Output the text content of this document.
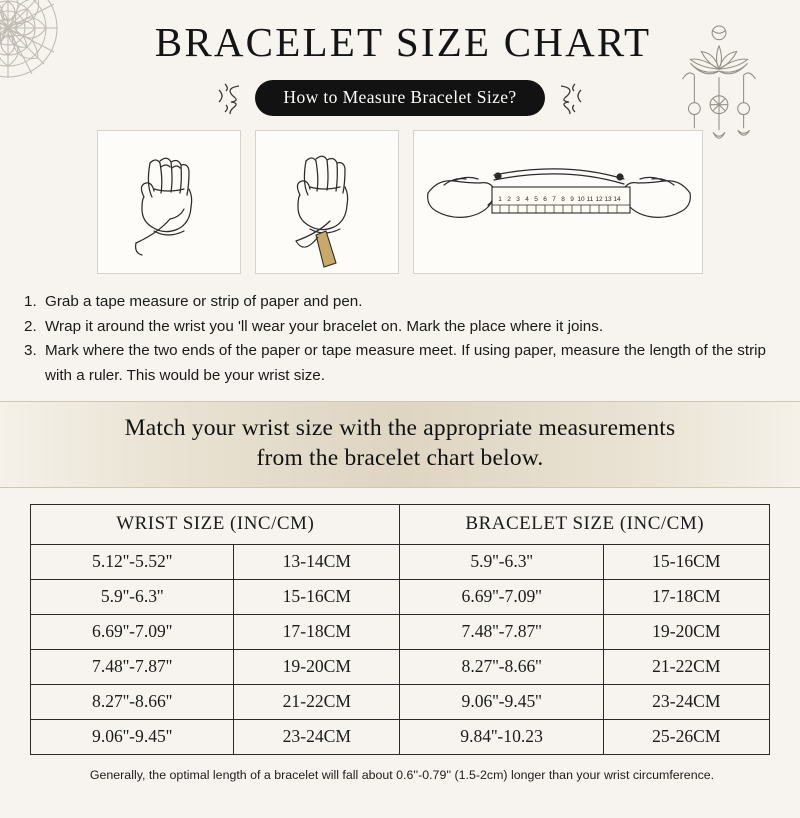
BRACELET SIZE CHART
How to Measure Bracelet Size?
1 2 3 4 5 6 7 8 9 10 11 12 13 14
1. Grab a tape measure or strip of paper and pen.
2. Wrap it around the wrist you 'll wear your bracelet on. Mark the place where it joins.
3. Mark where the two ends of the paper or tape measure meet. If using paper, measure the length of the strip with a ruler. This would be your wrist size.
Match your wrist size with the appropriate measurements
from the bracelet chart below.
WRIST SIZE (INC/CM)		BRACELET SIZE (INC/CM)	
5.12''-5.52''	13-14CM	5.9''-6.3''	15-16CM
5.9''-6.3''	15-16CM	6.69''-7.09''	17-18CM
6.69''-7.09''	17-18CM	7.48''-7.87''	19-20CM
7.48''-7.87''	19-20CM	8.27''-8.66''	21-22CM
8.27''-8.66''	21-22CM	9.06''-9.45''	23-24CM
9.06''-9.45''	23-24CM	9.84''-10.23	25-26CM
Generally, the optimal length of a bracelet will fall about 0.6''-0.79'' (1.5-2cm) longer than your wrist circumference.
